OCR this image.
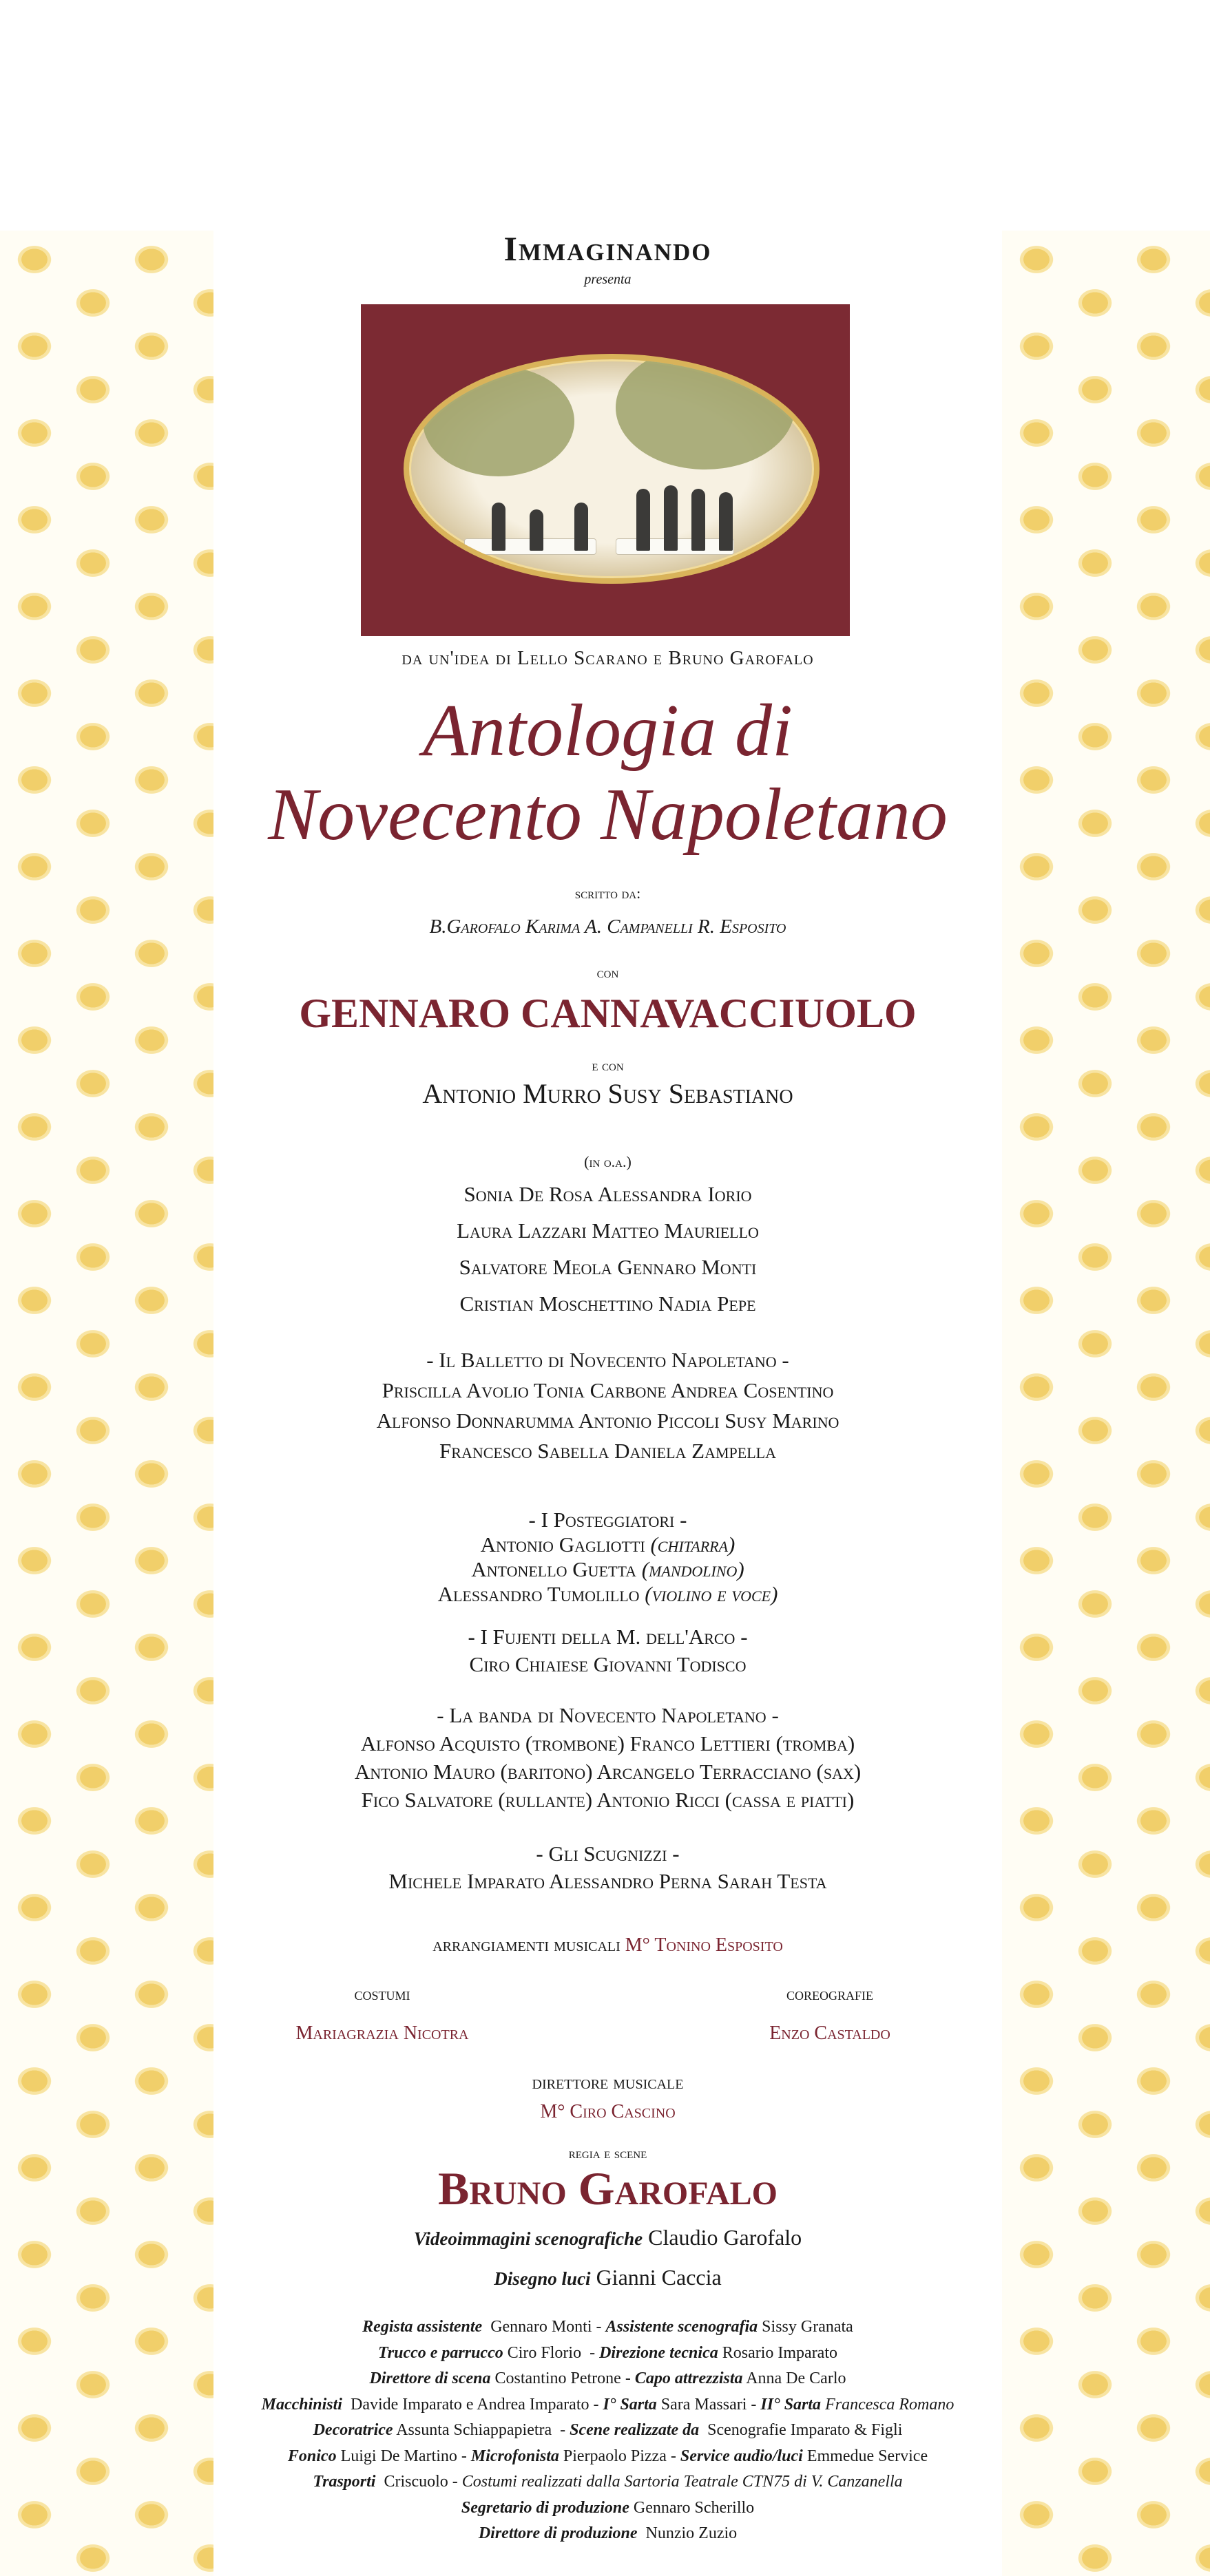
Immaginando
presenta
da un'idea di Lello Scarano e Bruno Garofalo
Antologia di
Novecento Napoletano
scritto da:
B.Garofalo Karima A. Campanelli R. Esposito
con
GENNARO CANNAVACCIUOLO
e con
Antonio Murro Susy Sebastiano
(in o.a.)
Sonia De Rosa Alessandra Iorio
Laura Lazzari Matteo Mauriello
Salvatore Meola Gennaro Monti
Cristian Moschettino Nadia Pepe
- Il Balletto di Novecento Napoletano -
Priscilla Avolio Tonia Carbone Andrea Cosentino
Alfonso Donnarumma Antonio Piccoli Susy Marino
Francesco Sabella Daniela Zampella
- I Posteggiatori -
Antonio Gagliotti (chitarra)
Antonello Guetta (mandolino)
Alessandro Tumolillo (violino e voce)
- I Fujenti della M. dell'Arco -
Ciro Chiaiese Giovanni Todisco
- La banda di Novecento Napoletano -
Alfonso Acquisto (trombone) Franco Lettieri (tromba)
Antonio Mauro (baritono) Arcangelo Terracciano (sax)
Fico Salvatore (rullante) Antonio Ricci (cassa e piatti)
- Gli Scugnizzi -
Michele Imparato Alessandro Perna Sarah Testa
arrangiamenti musicali M° Tonino Esposito
costumi
Mariagrazia Nicotra
coreografie
Enzo Castaldo
direttore musicale
M° Ciro Cascino
regia e scene
Bruno Garofalo
Videoimmagini scenografiche Claudio Garofalo
Disegno luci Gianni Caccia
Regista assistente  Gennaro Monti - Assistente scenografia Sissy Granata
Trucco e parrucco Ciro Florio  - Direzione tecnica Rosario Imparato
Direttore di scena Costantino Petrone - Capo attrezzista Anna De Carlo
Macchinisti  Davide Imparato e Andrea Imparato - I° Sarta Sara Massari - II° Sarta Francesca Romano
Decoratrice Assunta Schiappapietra  - Scene realizzate da  Scenografie Imparato & Figli
Fonico Luigi De Martino - Microfonista Pierpaolo Pizza - Service audio/luci Emmedue Service
Trasporti  Criscuolo - Costumi realizzati dalla Sartoria Teatrale CTN75 di V. Canzanella
Segretario di produzione Gennaro Scherillo
Direttore di produzione  Nunzio Zuzio
